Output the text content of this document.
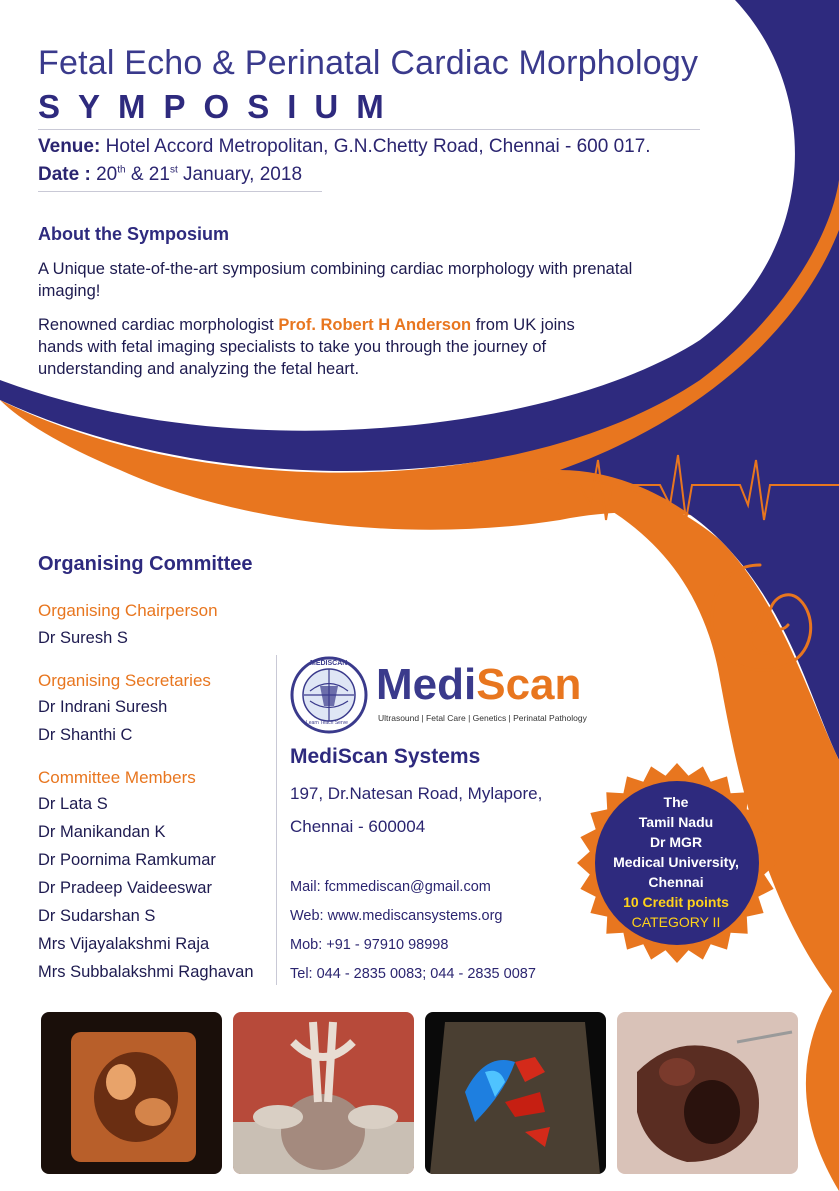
Fetal Echo & Perinatal Cardiac Morphology
SYMPOSIUM
Venue: Hotel Accord Metropolitan, G.N.Chetty Road, Chennai - 600 017.
Date : 20th & 21st January, 2018
About the Symposium
A Unique state-of-the-art symposium combining cardiac morphology with prenatal imaging!
Renowned cardiac morphologist Prof. Robert H Anderson from UK joins hands with fetal imaging specialists to take you through the journey of understanding and analyzing the fetal heart.
Organising Committee
Organising Chairperson
Dr Suresh S
Organising Secretaries
Dr Indrani Suresh
Dr Shanthi C
Committee Members
Dr Lata S
Dr Manikandan K
Dr Poornima Ramkumar
Dr Pradeep Vaideeswar
Dr Sudarshan S
Mrs Vijayalakshmi Raja
Mrs Subbalakshmi Raghavan
MEDISCAN
Learn Teach Serve
MediScan
Ultrasound | Fetal Care | Genetics | Perinatal Pathology
MediScan Systems
197, Dr.Natesan Road, Mylapore,
Chennai - 600004
Mail: fcmmediscan@gmail.com
Web: www.mediscansystems.org
Mob: +91 - 97910 98998
Tel: 044 - 2835 0083; 044 - 2835 0087
The
Tamil Nadu
Dr MGR
Medical University,
Chennai
10 Credit points
CATEGORY II
